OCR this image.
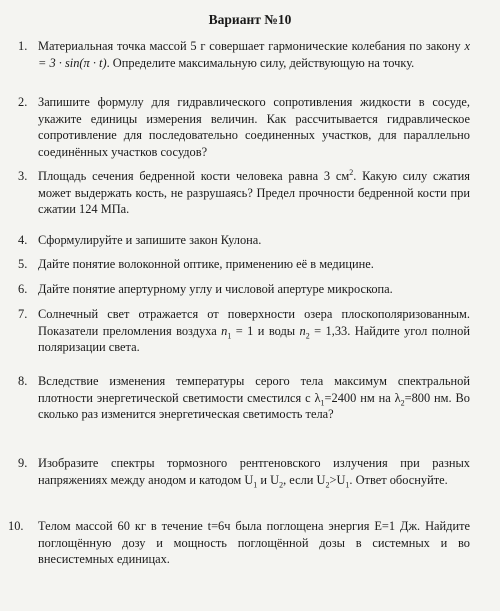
Вариант №10
1. Материальная точка массой 5 г совершает гармонические колебания по закону x = 3 · sin(π · t). Определите максимальную силу, действующую на точку.
2. Запишите формулу для гидравлического сопротивления жидкости в сосуде, укажите единицы измерения величин. Как рассчитывается гидравлическое сопротивление для последовательно соединенных участков, для параллельно соединённых участков сосудов?
3. Площадь сечения бедренной кости человека равна 3 $см^2$. Какую силу сжатия может выдержать кость, не разрушаясь? Предел прочности бедренной кости при сжатии 124 МПа.
4. Сформулируйте и запишите закон Кулона.
5. Дайте понятие волоконной оптике, применению её в медицине.
6. Дайте понятие апертурному углу и числовой апертуре микроскопа.
7. Солнечный свет отражается от поверхности озера плоскополяризованным. Показатели преломления воздуха $n_1 = 1$ и воды $n_2 = 1,33$. Найдите угол полной поляризации света.
8. Вследствие изменения температуры серого тела максимум спектральной плотности энергетической светимости сместился с $\lambda_1=2400$ нм на $\lambda_2=800$ нм. Во сколько раз изменится энергетическая светимость тела?
9. Изобразите спектры тормозного рентгеновского излучения при разных напряжениях между анодом и катодом $U_1$ и $U_2$, если $U_2>U_1$. Ответ обоснуйте.
10. Телом массой 60 кг в течение t=6ч была поглощена энергия E=1 Дж. Найдите поглощённую дозу и мощность поглощённой дозы в системных и во внесистемных единицах.
